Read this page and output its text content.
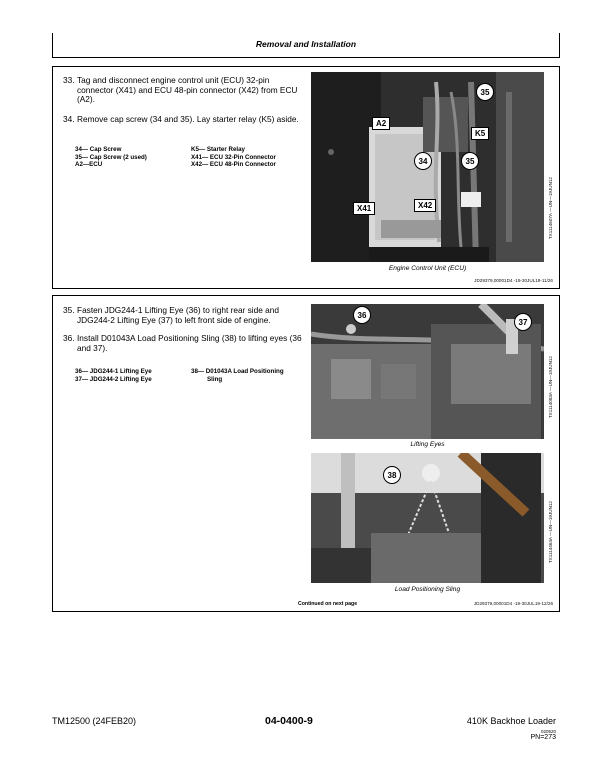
Removal and Installation
33. Tag and disconnect engine control unit (ECU) 32-pin connector (X41) and ECU 48-pin connector (X42) from ECU (A2).
34. Remove cap screw (34 and 35). Lay starter relay (K5) aside.
34— Cap Screw
35— Cap Screw (2 used)
A2—ECU
K5— Starter Relay
X41— ECU 32-Pin Connector
X42— ECU 48-Pin Connector
35
K5
A2
34	35
X41	X42	TX1114607A —UN—19JUN12
Engine Control Unit (ECU)
JD29379,00001D4 -19-30JUL19-11/26
35. Fasten JDG244-1 Lifting Eye (36) to right rear side and JDG244-2 Lifting Eye (37) to left front side of engine.
36. Install D01043A Load Positioning Sling (38) to lifting eyes (36 and 37).
36— JDG244-1 Lifting Eye
37— JDG244-2 Lifting Eye
38— D01043A Load Positioning
Sling
36
37
TX1114083A —UN—19JUN12
Lifting Eyes
38
TX1114464A —UN—19JUN12
Load Positioning Sling
Continued on next page	JD29379,00001D4 -19-30JUL19-12/26
TM12500 (24FEB20)	04-0400-9	410K Backhoe Loader
020520
PN=273
